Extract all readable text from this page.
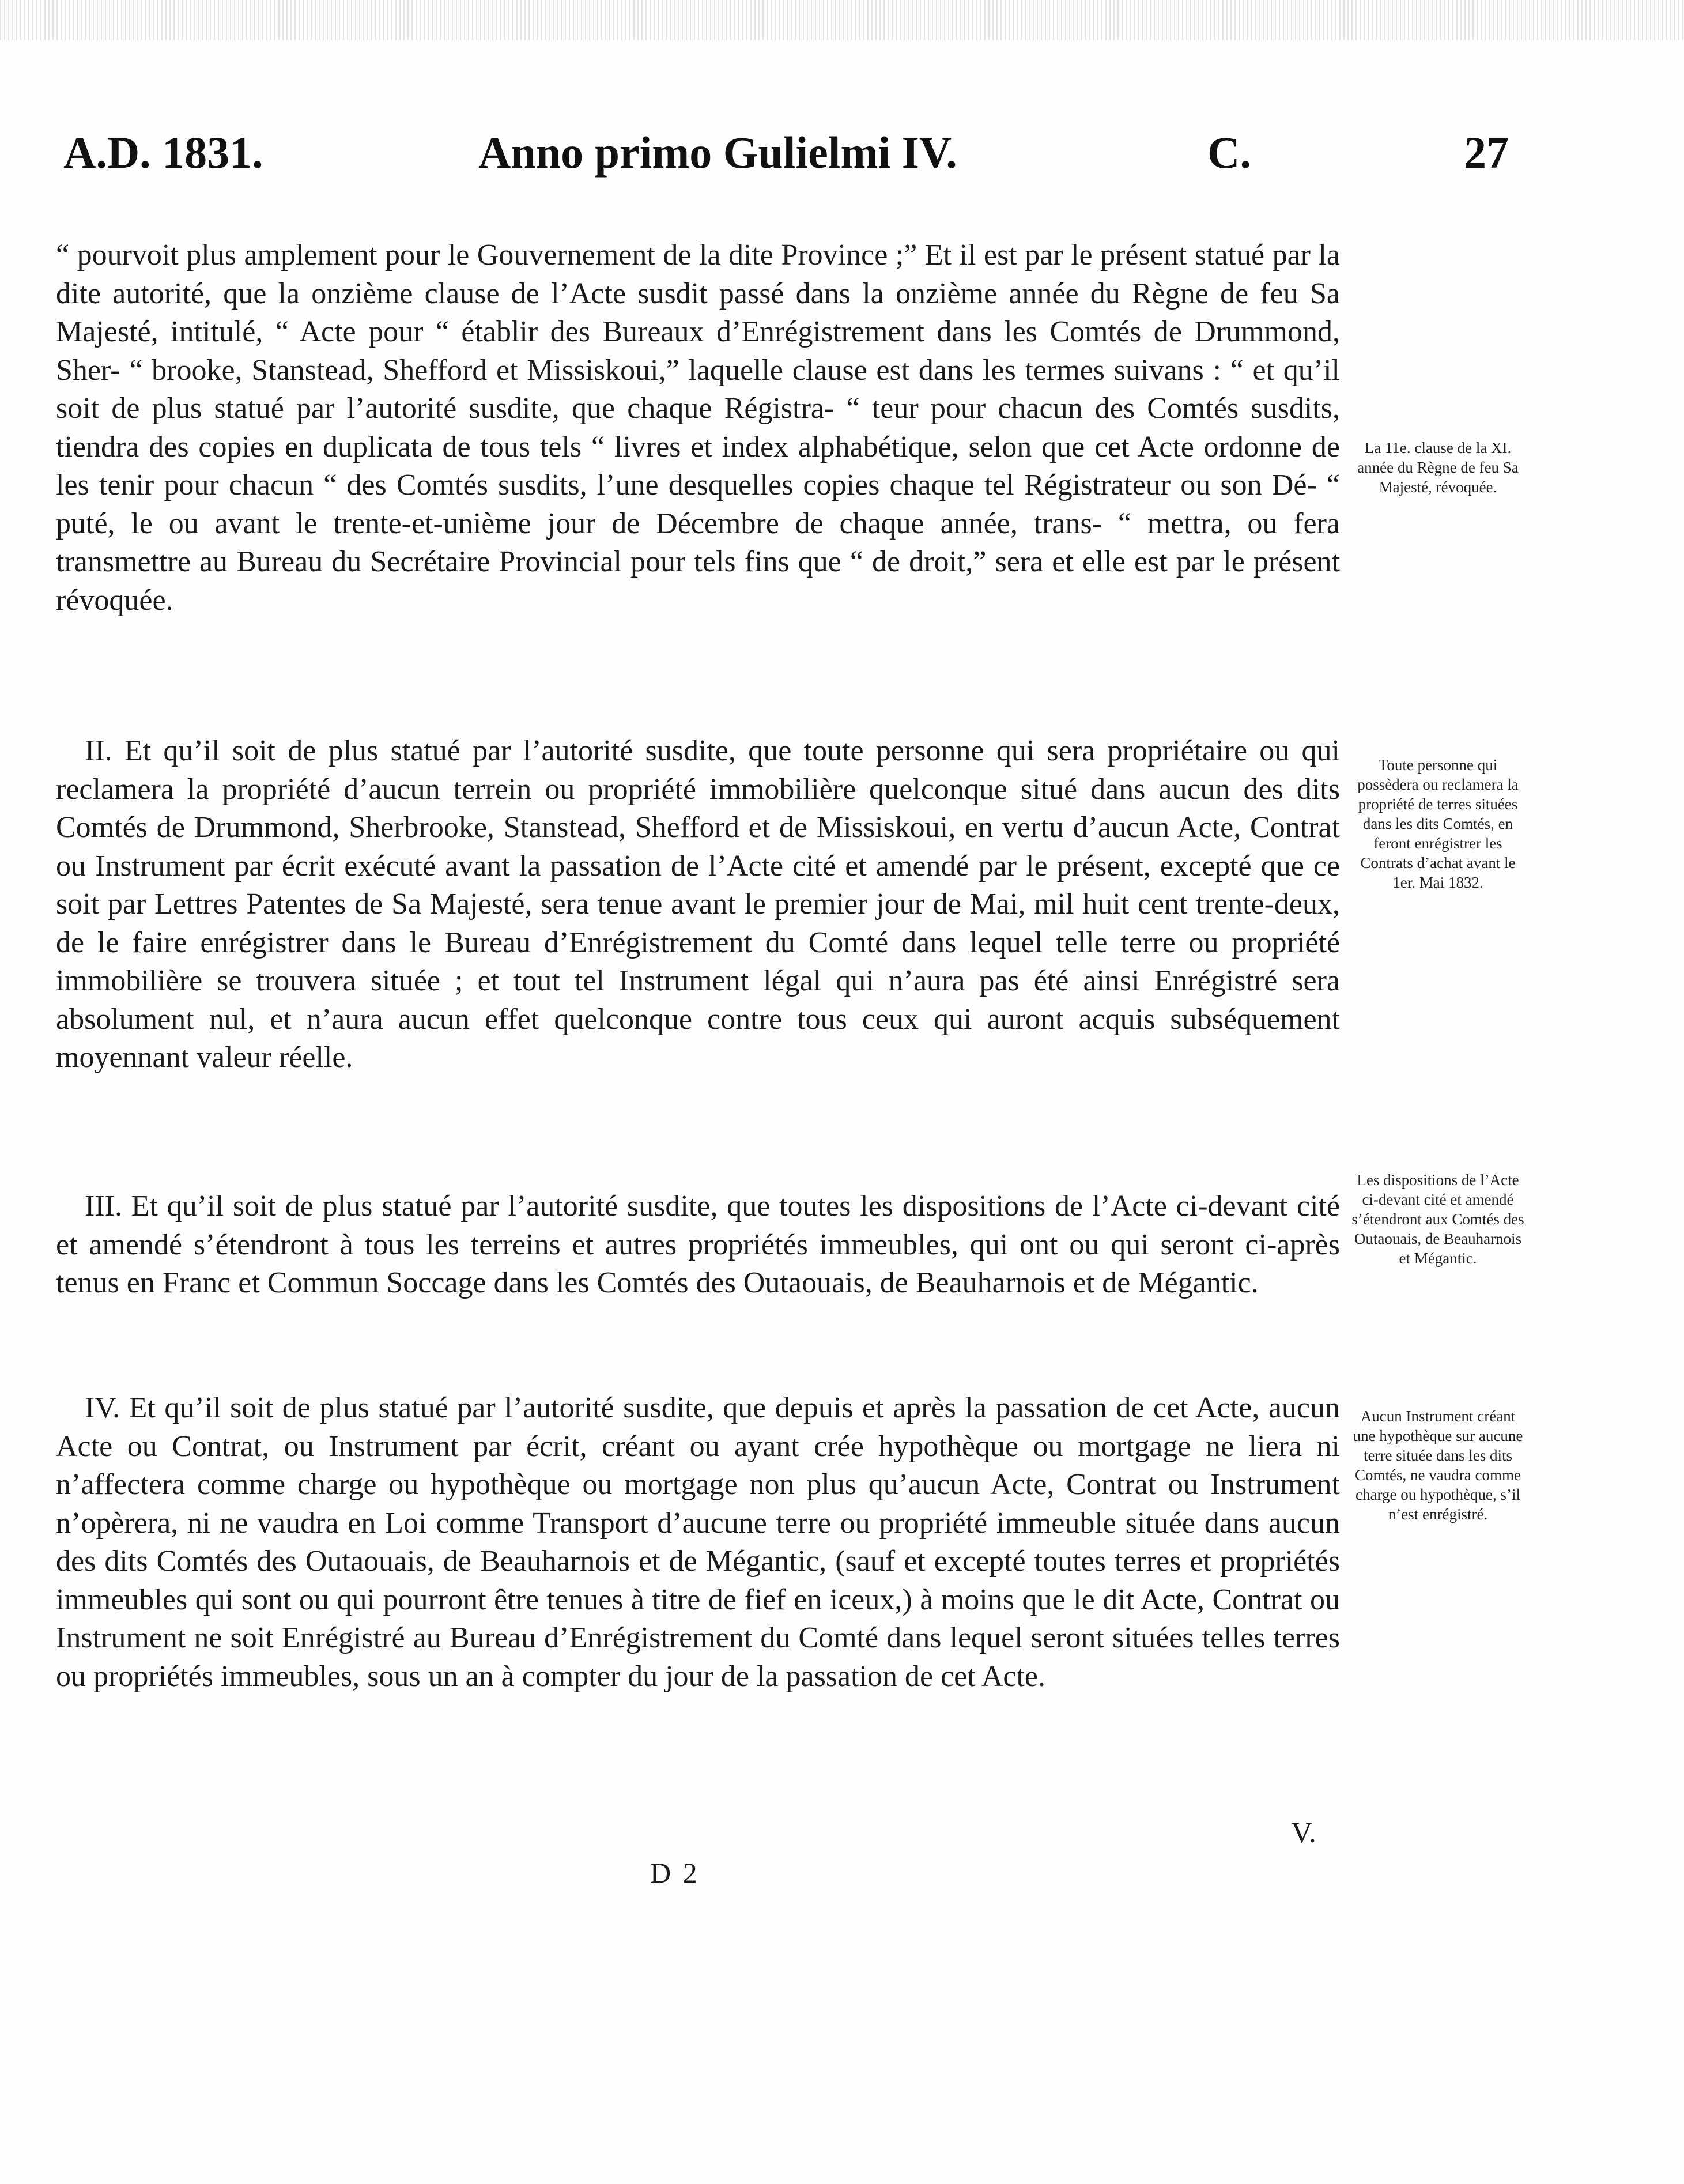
A.D. 1831.	Anno primo Gulielmi IV.	C.	27
“ pourvoit plus amplement pour le Gouvernement de la dite Province ;” Et il est par le présent statué par la dite autorité, que la onzième clause de l’Acte susdit passé dans la onzième année du Règne de feu Sa Majesté, intitulé, “ Acte pour “ établir des Bureaux d’Enrégistrement dans les Comtés de Drummond, Sher- “ brooke, Stanstead, Shefford et Missiskoui,” laquelle clause est dans les termes suivans : “ et qu’il soit de plus statué par l’autorité susdite, que chaque Régistra- “ teur pour chacun des Comtés susdits, tiendra des copies en duplicata de tous tels “ livres et index alphabétique, selon que cet Acte ordonne de les tenir pour chacun “ des Comtés susdits, l’une desquelles copies chaque tel Régistrateur ou son Dé- “ puté, le ou avant le trente-et-unième jour de Décembre de chaque année, trans- “ mettra, ou fera transmettre au Bureau du Secrétaire Provincial pour tels fins que “ de droit,” sera et elle est par le présent révoquée.
II. Et qu’il soit de plus statué par l’autorité susdite, que toute personne qui sera propriétaire ou qui reclamera la propriété d’aucun terrein ou propriété immobilière quelconque situé dans aucun des dits Comtés de Drummond, Sherbrooke, Stanstead, Shefford et de Missiskoui, en vertu d’aucun Acte, Contrat ou Instrument par écrit exécuté avant la passation de l’Acte cité et amendé par le présent, excepté que ce soit par Lettres Patentes de Sa Majesté, sera tenue avant le premier jour de Mai, mil huit cent trente-deux, de le faire enrégistrer dans le Bureau d’Enrégistrement du Comté dans lequel telle terre ou propriété immobilière se trouvera située ; et tout tel Instrument légal qui n’aura pas été ainsi Enrégistré sera absolument nul, et n’aura aucun effet quelconque contre tous ceux qui auront acquis subséquement moyennant valeur réelle.
III. Et qu’il soit de plus statué par l’autorité susdite, que toutes les dispositions de l’Acte ci-devant cité et amendé s’étendront à tous les terreins et autres propriétés immeubles, qui ont ou qui seront ci-après tenus en Franc et Commun Soccage dans les Comtés des Outaouais, de Beauharnois et de Mégantic.
IV. Et qu’il soit de plus statué par l’autorité susdite, que depuis et après la passation de cet Acte, aucun Acte ou Contrat, ou Instrument par écrit, créant ou ayant crée hypothèque ou mortgage ne liera ni n’affectera comme charge ou hypothèque ou mortgage non plus qu’aucun Acte, Contrat ou Instrument n’opèrera, ni ne vaudra en Loi comme Transport d’aucune terre ou propriété immeuble située dans aucun des dits Comtés des Outaouais, de Beauharnois et de Mégantic, (sauf et excepté toutes terres et propriétés immeubles qui sont ou qui pourront être tenues à titre de fief en iceux,) à moins que le dit Acte, Contrat ou Instrument ne soit Enrégistré au Bureau d’Enrégistrement du Comté dans lequel seront situées telles terres ou propriétés immeubles, sous un an à compter du jour de la passation de cet Acte.
La 11e. clause de la XI. année du Règne de feu Sa Majesté, révoquée.
Toute personne qui possèdera ou reclamera la propriété de terres situées dans les dits Comtés, en feront enrégistrer les Contrats d’achat avant le 1er. Mai 1832.
Les dispositions de l’Acte ci-devant cité et amendé s’étendront aux Comtés des Outaouais, de Beauharnois et Mégantic.
Aucun Instrument créant une hypothèque sur aucune terre située dans les dits Comtés, ne vaudra comme charge ou hypothèque, s’il n’est enrégistré.
V.
D 2
